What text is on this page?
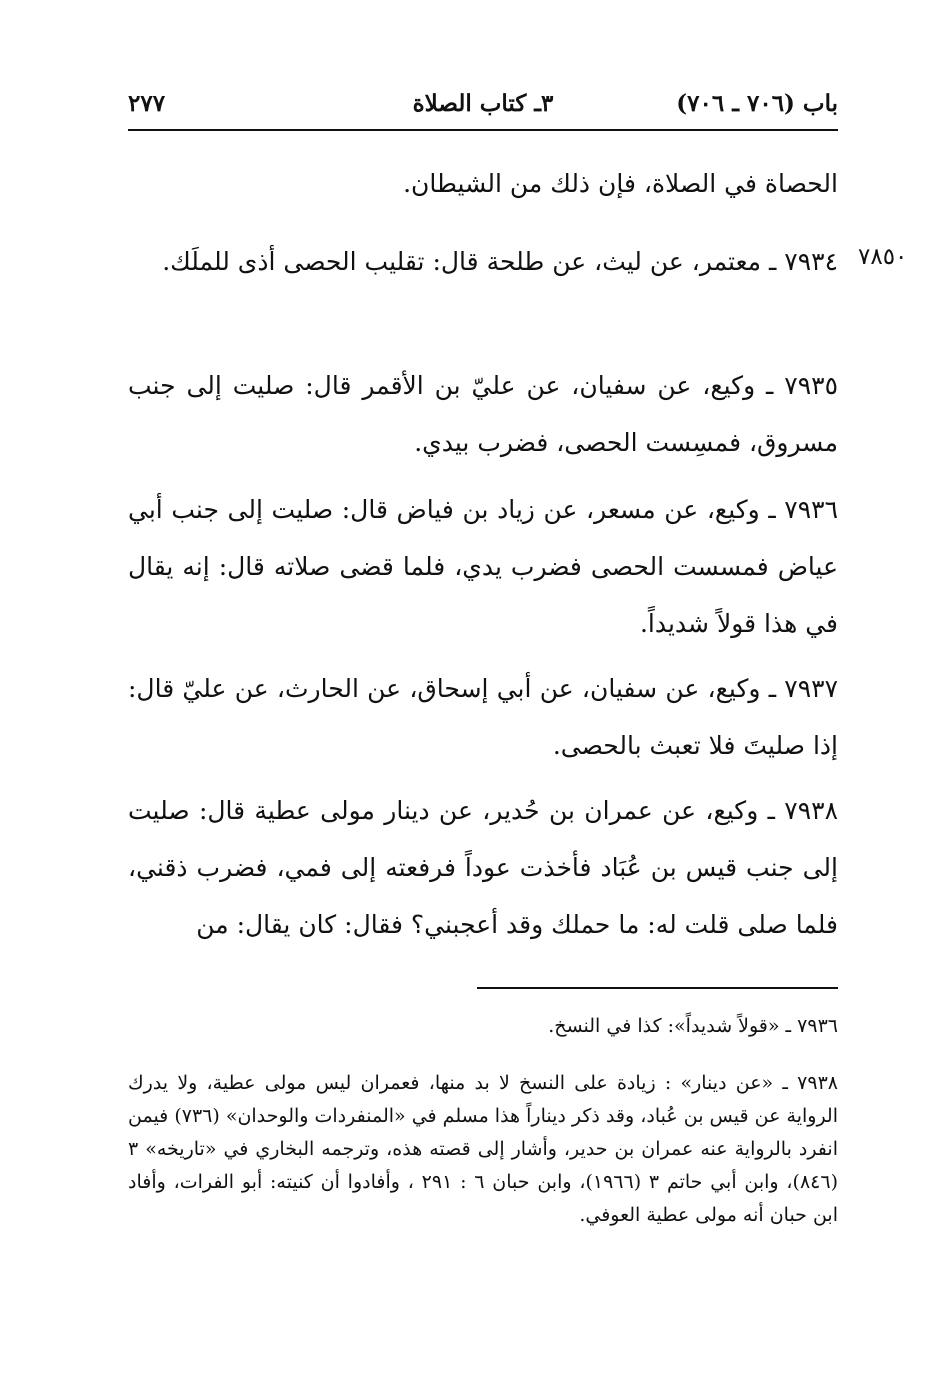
باب (٧٠٦ ـ ٧٠٦)
٣ـ كتاب الصلاة
٢٧٧
الحصاة في الصلاة، فإن ذلك من الشيطان.
٧٨٥٠
٧٩٣٤ ـ معتمر، عن ليث، عن طلحة قال: تقليب الحصى أذى للملَك.
٧٩٣٥ ـ وكيع، عن سفيان، عن عليّ بن الأقمر قال: صليت إلى جنب مسروق، فمسِست الحصى، فضرب بيدي.
٧٩٣٦ ـ وكيع، عن مسعر، عن زياد بن فياض قال: صليت إلى جنب أبي عياض فمسست الحصى فضرب يدي، فلما قضى صلاته قال: إنه يقال في هذا قولاً شديداً.
٧٩٣٧ ـ وكيع، عن سفيان، عن أبي إسحاق، عن الحارث، عن عليّ قال: إذا صليتَ فلا تعبث بالحصى.
٧٩٣٨ ـ وكيع، عن عمران بن حُدير، عن دينار مولى عطية قال: صليت إلى جنب قيس بن عُبَاد فأخذت عوداً فرفعته إلى فمي، فضرب ذقني، فلما صلى قلت له: ما حملك وقد أعجبني؟ فقال: كان يقال: من
٧٩٣٦ ـ «قولاً شديداً»: كذا في النسخ.
٧٩٣٨ ـ «عن دينار» : زيادة على النسخ لا بد منها، فعمران ليس مولى عطية، ولا يدرك الرواية عن قيس بن عُباد، وقد ذكر ديناراً هذا مسلم في «المنفردات والوحدان» (٧٣٦) فيمن انفرد بالرواية عنه عمران بن حدير، وأشار إلى قصته هذه، وترجمه البخاري في «تاريخه» ٣ (٨٤٦)، وابن أبي حاتم ٣ (١٩٦٦)، وابن حبان ٦ : ٢٩١ ، وأفادوا أن كنيته: أبو الفرات، وأفاد ابن حبان أنه مولى عطية العوفي.
